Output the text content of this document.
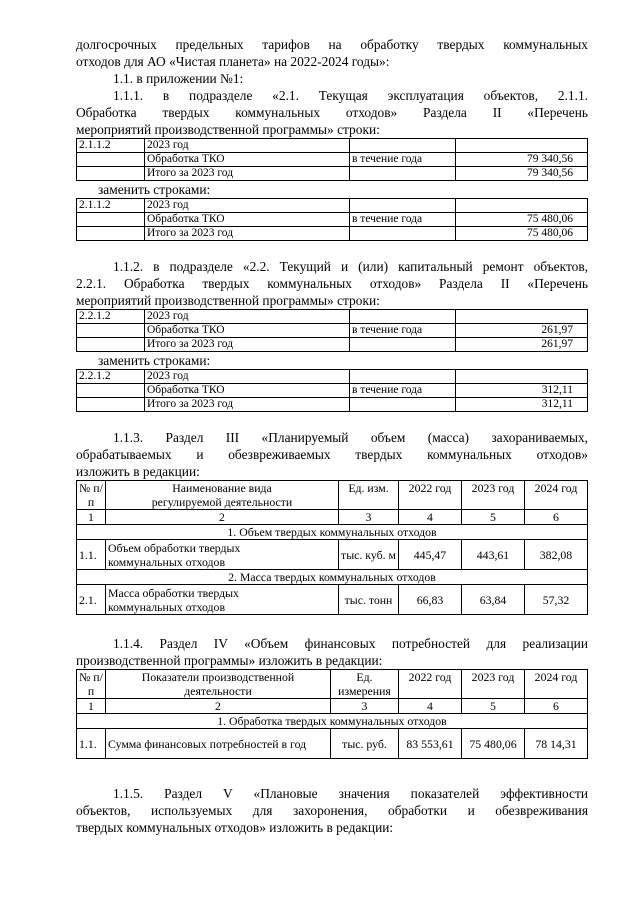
долгосрочных предельных тарифов на обработку твердых коммунальных

отходов для АО «Чистая планета» на 2022-2024 годы»:

1.1. в приложении №1:

1.1.1. в подразделе «2.1. Текущая эксплуатация объектов, 2.1.1.

Обработка твердых коммунальных отходов» Раздела II «Перечень

мероприятий производственной программы» строки:

2.1.1.2	2023 год		
	Обработка ТКО	в течение года	79 340,56
	Итого за 2023 год		79 340,56

заменить строками:

2.1.1.2	2023 год		
	Обработка ТКО	в течение года	75 480,06
	Итого за 2023 год		75 480,06

1.1.2. в подразделе «2.2. Текущий и (или) капитальный ремонт объектов,

2.2.1. Обработка твердых коммунальных отходов» Раздела II «Перечень

мероприятий производственной программы» строки:

2.2.1.2	2023 год		
	Обработка ТКО	в течение года	261,97
	Итого за 2023 год		261,97

заменить строками:

2.2.1.2	2023 год		
	Обработка ТКО	в течение года	312,11
	Итого за 2023 год		312,11

1.1.3. Раздел III «Планируемый объем (масса) захораниваемых,

обрабатываемых и обезвреживаемых твердых коммунальных отходов»

изложить в редакции:

№ п/п	Наименование вида регулируемой деятельности	Ед. изм.	2022 год	2023 год	2024 год
1	2	3	4	5	6
1. Объем твердых коммунальных отходов					
1.1.	Объем обработки твердых коммунальных отходов	тыс. куб. м	445,47	443,61	382,08
2. Масса твердых коммунальных отходов					
2.1.	Масса обработки твердых коммунальных отходов	тыс. тонн	66,83	63,84	57,32

1.1.4. Раздел IV «Объем финансовых потребностей для реализации

производственной программы» изложить в редакции:

№ п/п	Показатели производственной деятельности	Ед. измерения	2022 год	2023 год	2024 год
1	2	3	4	5	6
1. Обработка твердых коммунальных отходов					
1.1.	Сумма финансовых потребностей в год	тыс. руб.	83 553,61	75 480,06	78 14,31

1.1.5. Раздел V «Плановые значения показателей эффективности

объектов, используемых для захоронения, обработки и обезвреживания

твердых коммунальных отходов» изложить в редакции:
